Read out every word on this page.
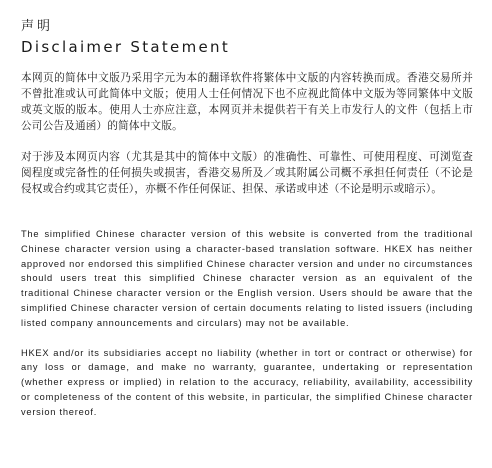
声明
Disclaimer Statement

本网页的简体中文版乃采用字元为本的翻译软件将繁体中文版的内容转换而成。香港交易所并不曾批准或认可此简体中文版；使用人士任何情况下也不应视此简体中文版为等同繁体中文版或英文版的版本。使用人士亦应注意，本网页并未提供若干有关上市发行人的文件（包括上市公司公告及通函）的简体中文版。

对于涉及本网页内容（尤其是其中的简体中文版）的准确性、可靠性、可使用程度、可浏览查阅程度或完备性的任何损失或损害，香港交易所及／或其附属公司概不承担任何责任（不论是侵权或合约或其它责任），亦概不作任何保证、担保、承诺或申述（不论是明示或暗示）。

The simplified Chinese character version of this website is converted from the traditional Chinese character version using a character-based translation software. HKEX has neither approved nor endorsed this simplified Chinese character version and under no circumstances should users treat this simplified Chinese character version as an equivalent of the traditional Chinese character version or the English version. Users should be aware that the simplified Chinese character version of certain documents relating to listed issuers (including listed company announcements and circulars) may not be available.

HKEX and/or its subsidiaries accept no liability (whether in tort or contract or otherwise) for any loss or damage, and make no warranty, guarantee, undertaking or representation (whether express or implied) in relation to the accuracy, reliability, availability, accessibility or completeness of the content of this website, in particular, the simplified Chinese character version thereof.
